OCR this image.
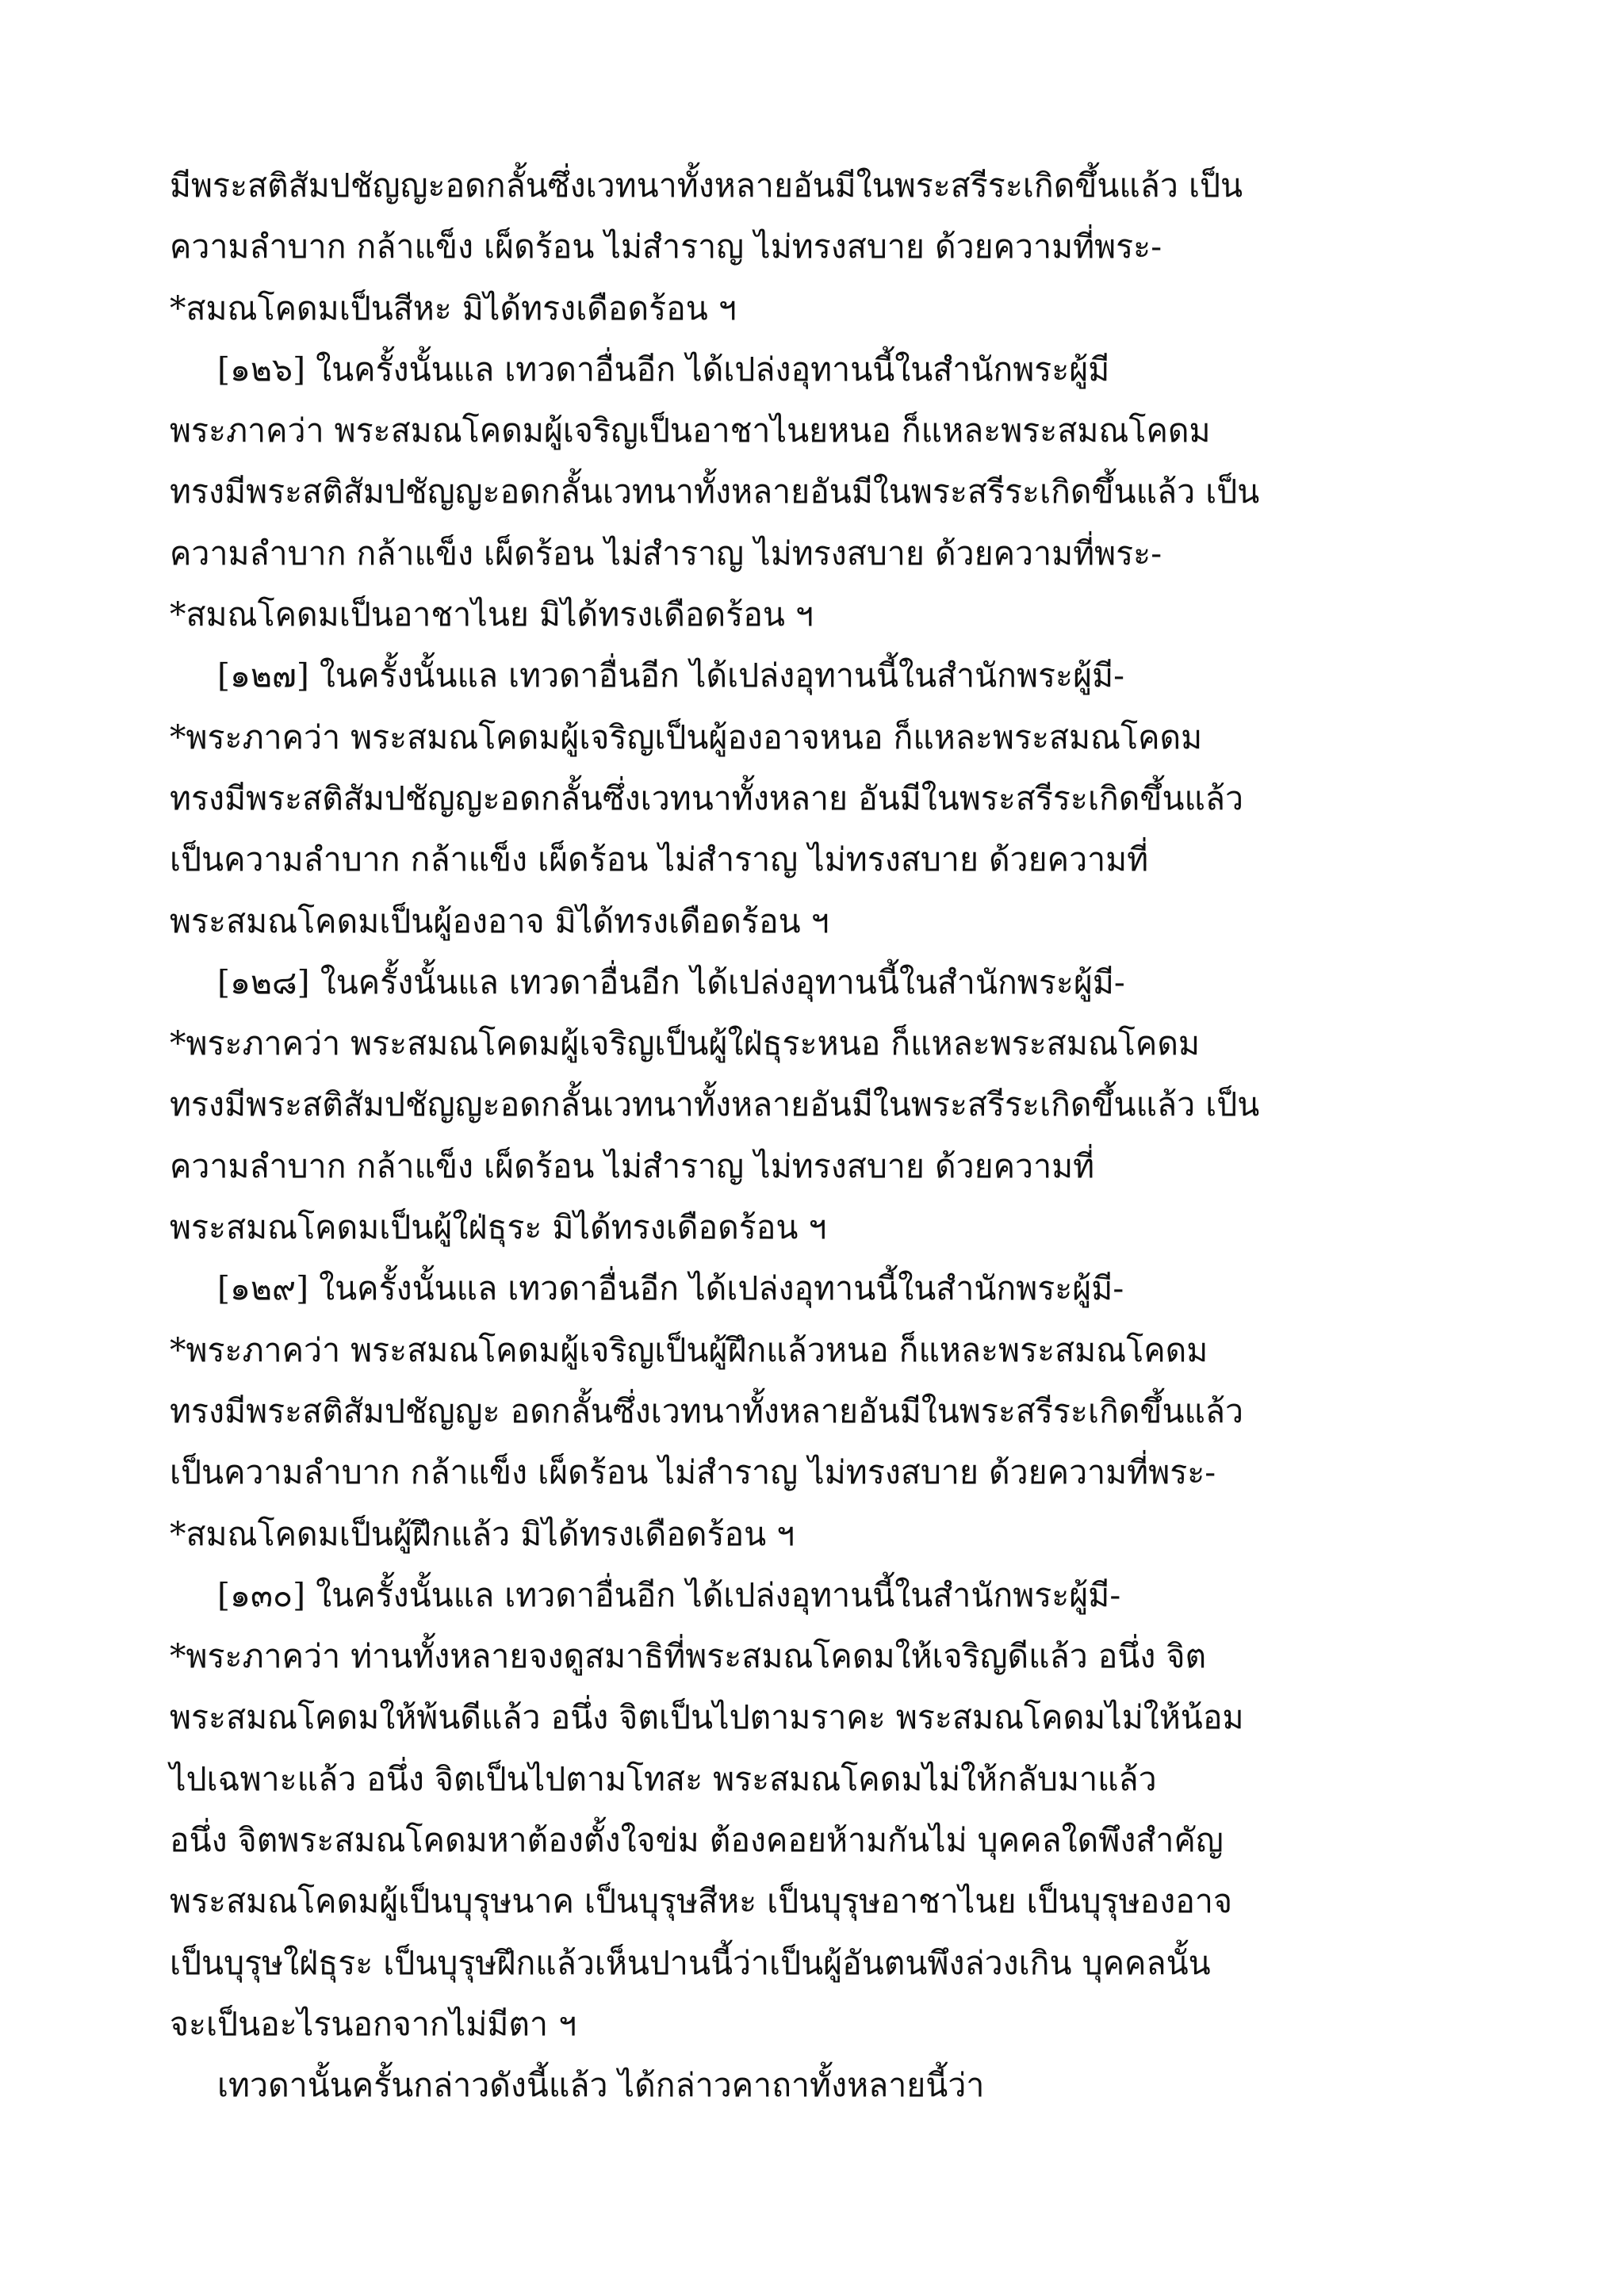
มีพระสติสัมปชัญญะอดกลั้นซึ่งเวทนาทั้งหลายอันมีในพระสรีระเกิดขึ้นแล้ว เป็น
ความลำบาก กล้าแข็ง เผ็ดร้อน ไม่สำราญ ไม่ทรงสบาย ด้วยความที่พระ-
*สมณโคดมเป็นสีหะ มิได้ทรงเดือดร้อน ฯ
[๑๒๖] ในครั้งนั้นแล เทวดาอื่นอีก ได้เปล่งอุทานนี้ในสำนักพระผู้มี
พระภาคว่า พระสมณโคดมผู้เจริญเป็นอาชาไนยหนอ ก็แหละพระสมณโคดม
ทรงมีพระสติสัมปชัญญะอดกลั้นเวทนาทั้งหลายอันมีในพระสรีระเกิดขึ้นแล้ว เป็น
ความลำบาก กล้าแข็ง เผ็ดร้อน ไม่สำราญ ไม่ทรงสบาย ด้วยความที่พระ-
*สมณโคดมเป็นอาชาไนย มิได้ทรงเดือดร้อน ฯ
[๑๒๗] ในครั้งนั้นแล เทวดาอื่นอีก ได้เปล่งอุทานนี้ในสำนักพระผู้มี-
*พระภาคว่า พระสมณโคดมผู้เจริญเป็นผู้องอาจหนอ ก็แหละพระสมณโคดม
ทรงมีพระสติสัมปชัญญะอดกลั้นซึ่งเวทนาทั้งหลาย อันมีในพระสรีระเกิดขึ้นแล้ว
เป็นความลำบาก กล้าแข็ง เผ็ดร้อน ไม่สำราญ ไม่ทรงสบาย ด้วยความที่
พระสมณโคดมเป็นผู้องอาจ มิได้ทรงเดือดร้อน ฯ
[๑๒๘] ในครั้งนั้นแล เทวดาอื่นอีก ได้เปล่งอุทานนี้ในสำนักพระผู้มี-
*พระภาคว่า พระสมณโคดมผู้เจริญเป็นผู้ใฝ่ธุระหนอ ก็แหละพระสมณโคดม
ทรงมีพระสติสัมปชัญญะอดกลั้นเวทนาทั้งหลายอันมีในพระสรีระเกิดขึ้นแล้ว เป็น
ความลำบาก กล้าแข็ง เผ็ดร้อน ไม่สำราญ ไม่ทรงสบาย ด้วยความที่
พระสมณโคดมเป็นผู้ใฝ่ธุระ มิได้ทรงเดือดร้อน ฯ
[๑๒๙] ในครั้งนั้นแล เทวดาอื่นอีก ได้เปล่งอุทานนี้ในสำนักพระผู้มี-
*พระภาคว่า พระสมณโคดมผู้เจริญเป็นผู้ฝึกแล้วหนอ ก็แหละพระสมณโคดม
ทรงมีพระสติสัมปชัญญะ อดกลั้นซึ่งเวทนาทั้งหลายอันมีในพระสรีระเกิดขึ้นแล้ว
เป็นความลำบาก กล้าแข็ง เผ็ดร้อน ไม่สำราญ ไม่ทรงสบาย ด้วยความที่พระ-
*สมณโคดมเป็นผู้ฝึกแล้ว มิได้ทรงเดือดร้อน ฯ
[๑๓๐] ในครั้งนั้นแล เทวดาอื่นอีก ได้เปล่งอุทานนี้ในสำนักพระผู้มี-
*พระภาคว่า ท่านทั้งหลายจงดูสมาธิที่พระสมณโคดมให้เจริญดีแล้ว อนึ่ง จิต
พระสมณโคดมให้พ้นดีแล้ว อนึ่ง จิตเป็นไปตามราคะ พระสมณโคดมไม่ให้น้อม
ไปเฉพาะแล้ว อนึ่ง จิตเป็นไปตามโทสะ พระสมณโคดมไม่ให้กลับมาแล้ว
อนึ่ง จิตพระสมณโคดมหาต้องตั้งใจข่ม ต้องคอยห้ามกันไม่ บุคคลใดพึงสำคัญ
พระสมณโคดมผู้เป็นบุรุษนาค เป็นบุรุษสีหะ เป็นบุรุษอาชาไนย เป็นบุรุษองอาจ
เป็นบุรุษใฝ่ธุระ เป็นบุรุษฝึกแล้วเห็นปานนี้ว่าเป็นผู้อันตนพึงล่วงเกิน บุคคลนั้น
จะเป็นอะไรนอกจากไม่มีตา ฯ
เทวดานั้นครั้นกล่าวดังนี้แล้ว ได้กล่าวคาถาทั้งหลายนี้ว่า
